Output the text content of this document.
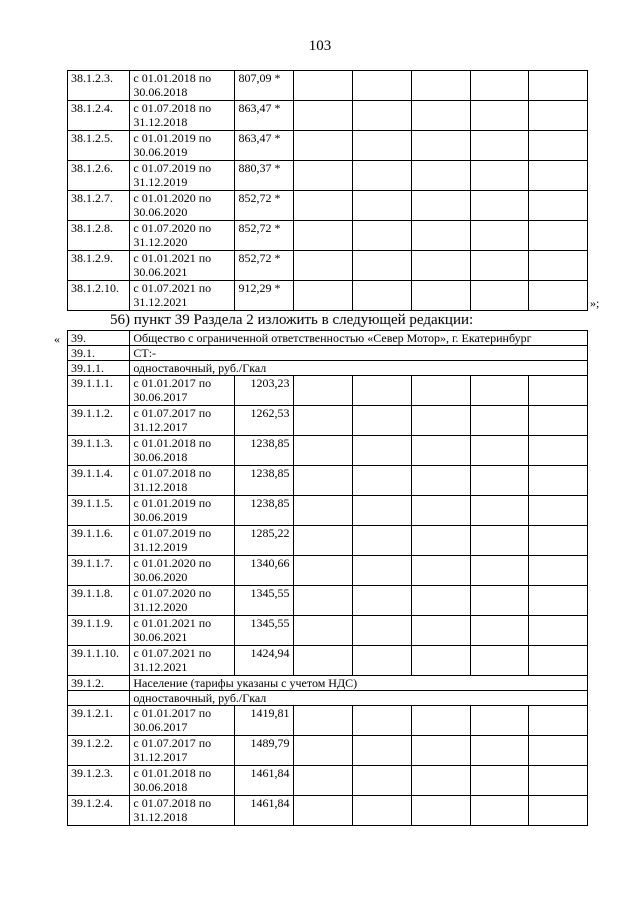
103
38.1.2.3.	с 01.01.2018 по 30.06.2018	807,09 *					
38.1.2.4.	с 01.07.2018 по 31.12.2018	863,47 *					
38.1.2.5.	с 01.01.2019 по 30.06.2019	863,47 *					
38.1.2.6.	с 01.07.2019 по 31.12.2019	880,37 *					
38.1.2.7.	с 01.01.2020 по 30.06.2020	852,72 *					
38.1.2.8.	с 01.07.2020 по 31.12.2020	852,72 *					
38.1.2.9.	с 01.01.2021 по 30.06.2021	852,72 *					
38.1.2.10.	с 01.07.2021 по 31.12.2021	912,29 *					
»;
56) пункт 39 Раздела 2 изложить в следующей редакции:
« 39.	Общество с ограниченной ответственностью «Север Мотор», г. Екатеринбург						
39.1.	СТ:-						
39.1.1.	одноставочный, руб./Гкал						
39.1.1.1.	с 01.01.2017 по 30.06.2017	1203,23					
39.1.1.2.	с 01.07.2017 по 31.12.2017	1262,53					
39.1.1.3.	с 01.01.2018 по 30.06.2018	1238,85					
39.1.1.4.	с 01.07.2018 по 31.12.2018	1238,85					
39.1.1.5.	с 01.01.2019 по 30.06.2019	1238,85					
39.1.1.6.	с 01.07.2019 по 31.12.2019	1285,22					
39.1.1.7.	с 01.01.2020 по 30.06.2020	1340,66					
39.1.1.8.	с 01.07.2020 по 31.12.2020	1345,55					
39.1.1.9.	с 01.01.2021 по 30.06.2021	1345,55					
39.1.1.10.	с 01.07.2021 по 31.12.2021	1424,94					
39.1.2.	Население (тарифы указаны с учетом НДС)						
	одноставочный, руб./Гкал						
39.1.2.1.	с 01.01.2017 по 30.06.2017	1419,81					
39.1.2.2.	с 01.07.2017 по 31.12.2017	1489,79					
39.1.2.3.	с 01.01.2018 по 30.06.2018	1461,84					
39.1.2.4.	с 01.07.2018 по 31.12.2018	1461,84					
